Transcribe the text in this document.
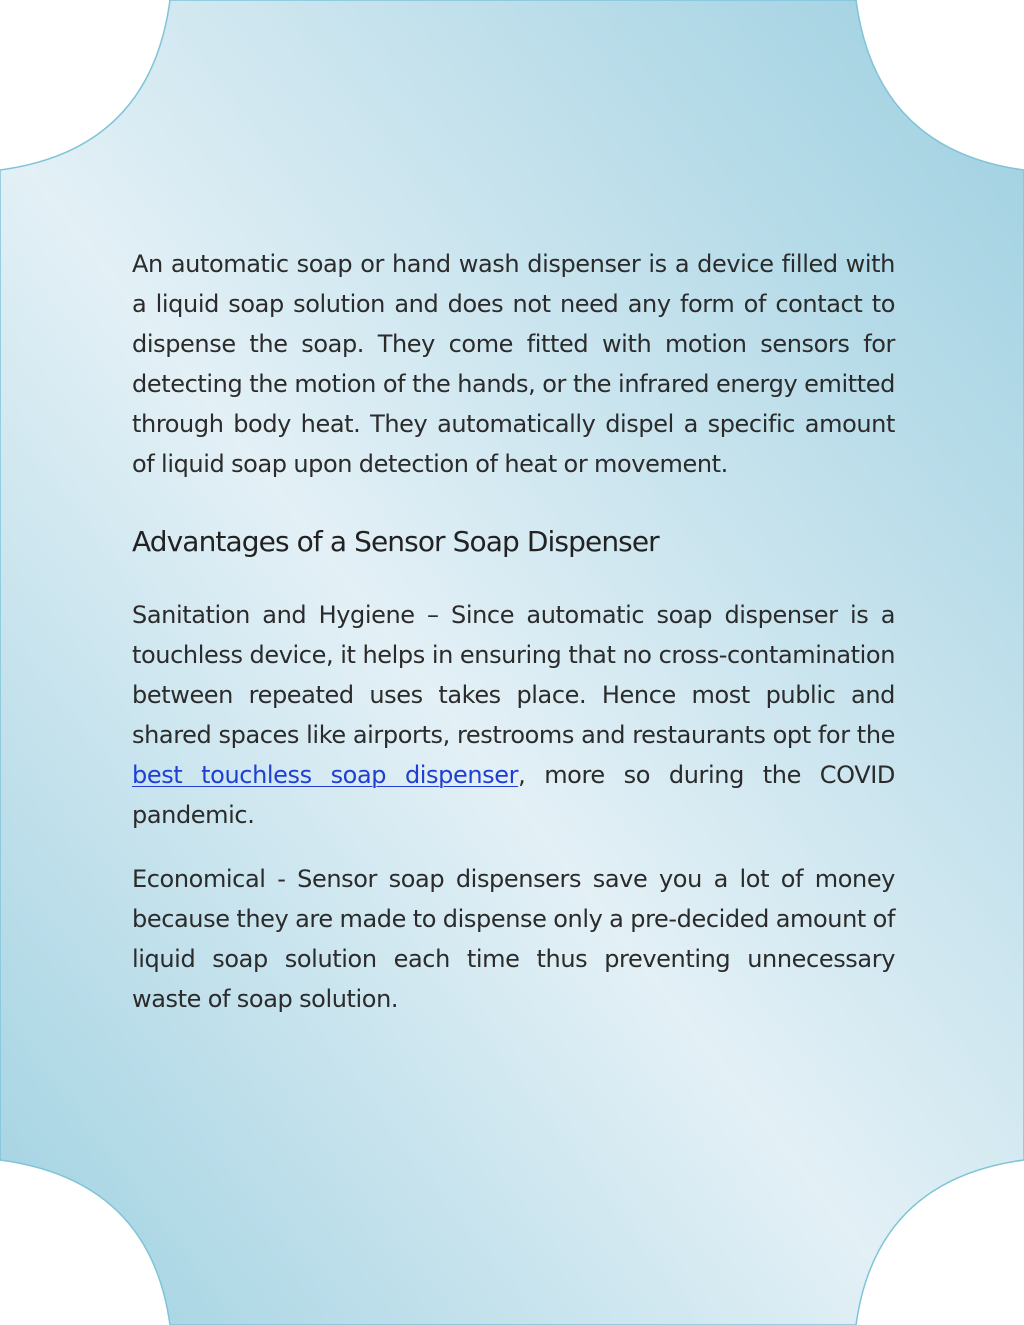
An automatic soap or hand wash dispenser is a device filled with a liquid soap solution and does not need any form of contact to dispense the soap. They come fitted with motion sensors for detecting the motion of the hands, or the infrared energy emitted through body heat. They automatically dispel a specific amount of liquid soap upon detection of heat or movement.

Advantages of a Sensor Soap Dispenser

Sanitation and Hygiene – Since automatic soap dispenser is a touchless device, it helps in ensuring that no cross-contamination between repeated uses takes place. Hence most public and shared spaces like airports, restrooms and restaurants opt for the best touchless soap dispenser, more so during the COVID pandemic.

Economical - Sensor soap dispensers save you a lot of money because they are made to dispense only a pre-decided amount of liquid soap solution each time thus preventing unnecessary waste of soap solution.
